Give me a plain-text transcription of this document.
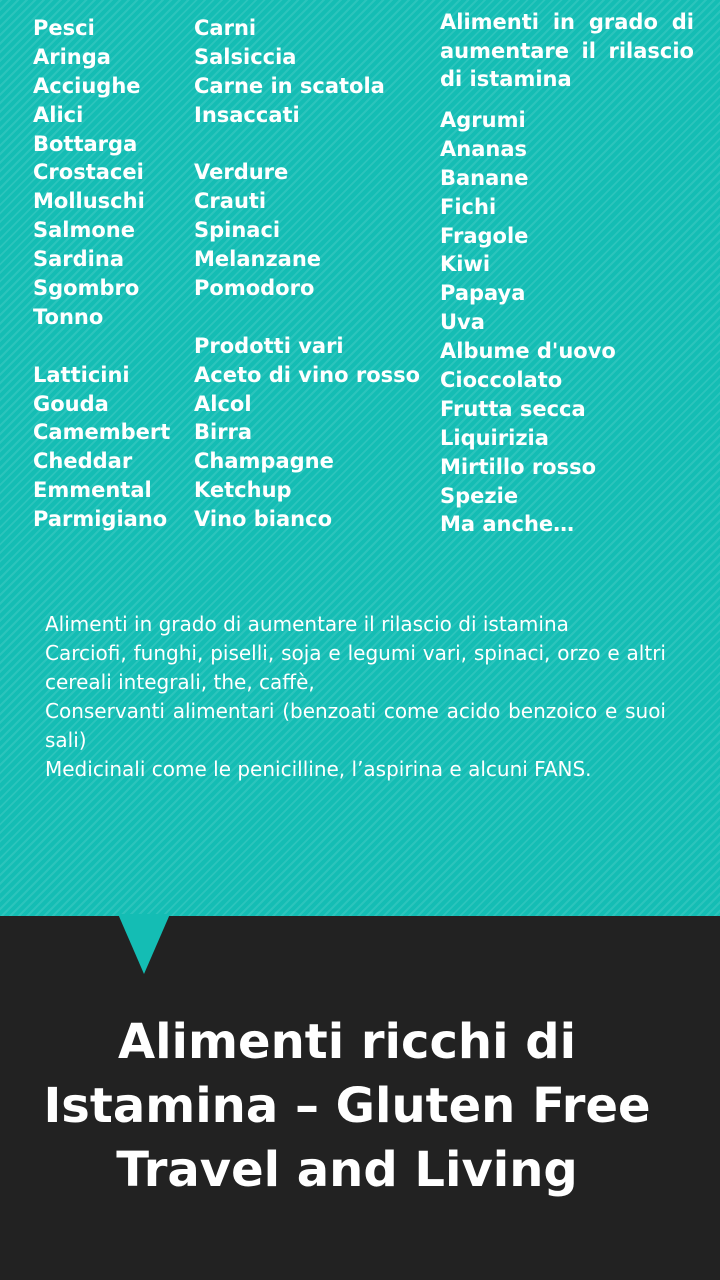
Pesci
Aringa
Acciughe
Alici
Bottarga
Crostacei
Molluschi
Salmone
Sardina
Sgombro
Tonno
Latticini
Gouda
Camembert
Cheddar
Emmental
Parmigiano
Carni
Salsiccia
Carne in scatola
Insaccati
Verdure
Crauti
Spinaci
Melanzane
Pomodoro
Prodotti vari
Aceto di vino rosso
Alcol
Birra
Champagne
Ketchup
Vino bianco
Alimenti in grado di aumentare il rilascio di istamina
Agrumi
Ananas
Banane
Fichi
Fragole
Kiwi
Papaya
Uva
Albume d'uovo
Cioccolato
Frutta secca
Liquirizia
Mirtillo rosso
Spezie
Ma anche…

Alimenti in grado di aumentare il rilascio di istamina

Carciofi, funghi, piselli, soja e legumi vari, spinaci, orzo e altri cereali integrali, the, caffè,

Conservanti alimentari (benzoati come acido benzoico e suoi sali)

Medicinali come le penicilline, l’aspirina e alcuni FANS.

Alimenti ricchi di Istamina – Gluten Free Travel and Living
